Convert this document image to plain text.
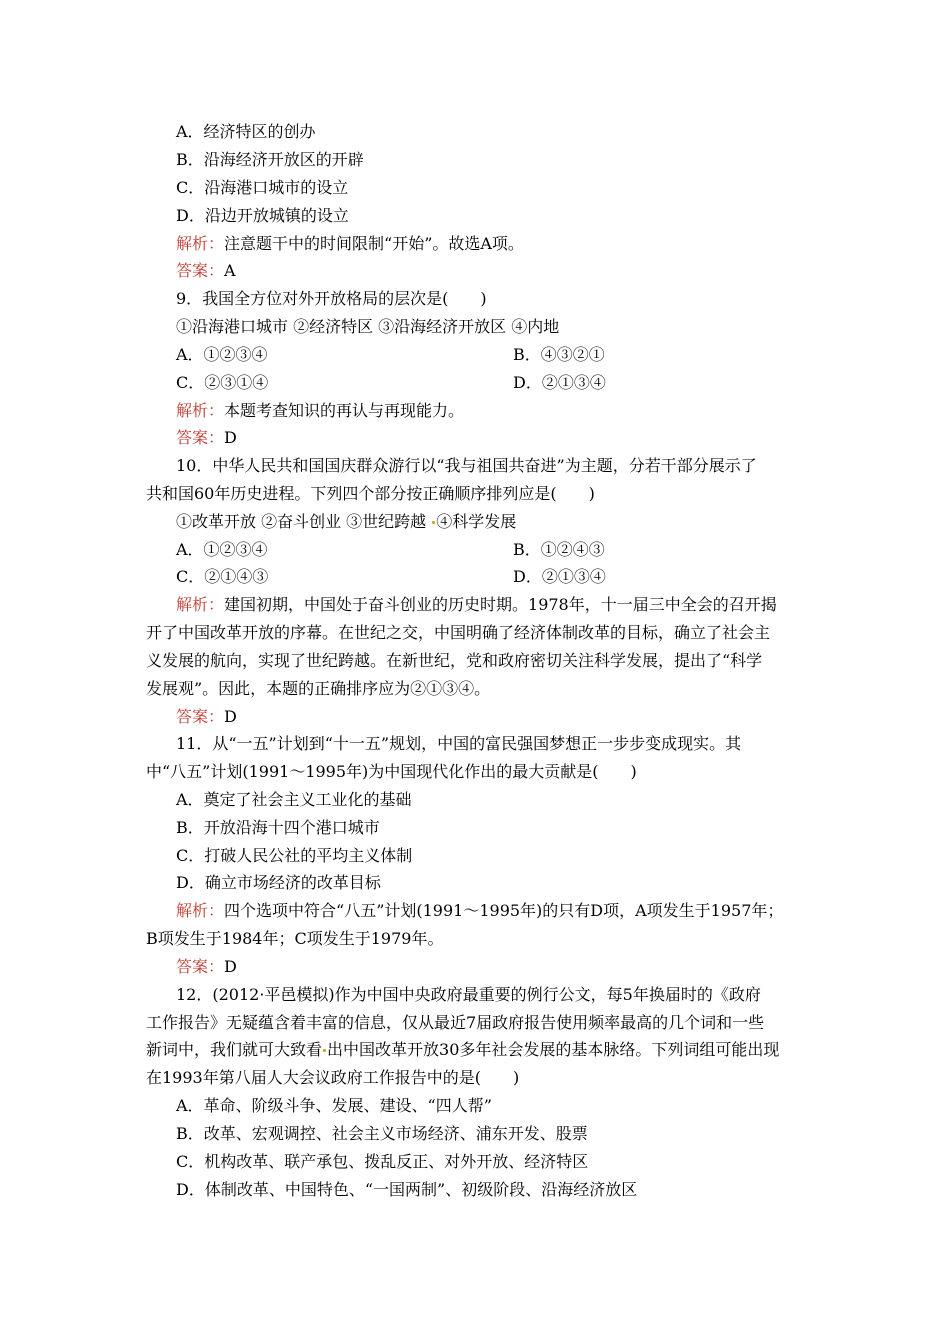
A．经济特区的创办
B．沿海经济开放区的开辟
C．沿海港口城市的设立
D．沿边开放城镇的设立
解析：注意题干中的时间限制“开始”。故选A项。
答案：A
9．我国全方位对外开放格局的层次是(　　)
①沿海港口城市 ②经济特区 ③沿海经济开放区 ④内地
A．①②③④	B．④③②①
C．②③①④	D．②①③④
解析：本题考查知识的再认与再现能力。
答案：D
10．中华人民共和国国庆群众游行以“我与祖国共奋进”为主题，分若干部分展示了
共和国60年历史进程。下列四个部分按正确顺序排列应是(　　)
①改革开放 ②奋斗创业 ③世纪跨越 ④科学发展
A．①②③④	B．①②④③
C．②①④③	D．②①③④
解析：建国初期，中国处于奋斗创业的历史时期。1978年，十一届三中全会的召开揭
开了中国改革开放的序幕。在世纪之交，中国明确了经济体制改革的目标，确立了社会主
义发展的航向，实现了世纪跨越。在新世纪，党和政府密切关注科学发展，提出了“科学
发展观”。因此，本题的正确排序应为②①③④。
答案：D
11．从“一五”计划到“十一五”规划，中国的富民强国梦想正一步步变成现实。其
中“八五”计划(1991～1995年)为中国现代化作出的最大贡献是(　　)
A．奠定了社会主义工业化的基础
B．开放沿海十四个港口城市
C．打破人民公社的平均主义体制
D．确立市场经济的改革目标
解析：四个选项中符合“八五”计划(1991～1995年)的只有D项，A项发生于1957年；
B项发生于1984年；C项发生于1979年。
答案：D
12．(2012·平邑模拟)作为中国中央政府最重要的例行公文，每5年换届时的《政府
工作报告》无疑蕴含着丰富的信息，仅从最近7届政府报告使用频率最高的几个词和一些
新词中，我们就可大致看 出中国改革开放30多年社会发展的基本脉络。下列词组可能出现
在1993年第八届人大会议政府工作报告中的是(　　)
A．革命、阶级斗争、发展、建设、“四人帮”
B．改革、宏观调控、社会主义市场经济、浦东开发、股票
C．机构改革、联产承包、拨乱反正、对外开放、经济特区
D．体制改革、中国特色、“一国两制”、初级阶段、沿海经济放区
